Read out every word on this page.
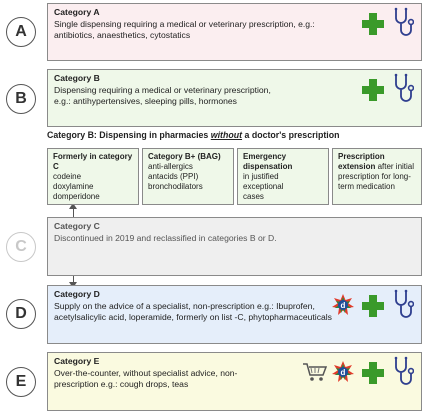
A
Category A
Single dispensing requiring a medical or veterinary prescription, e.g.: antibiotics, anaesthetics, cytostatics
B
Category B
Dispensing requiring a medical or veterinary prescription, e.g.: antihypertensives, sleeping pills, hormones
Category B: Dispensing in pharmacies without a doctor's prescription
Formerly in category C
codeine
doxylamine
domperidone
Category B+ (BAG)
anti-allergics
antacids (PPI)
bronchodilators
Emergency dispensation
in justified
exceptional
cases
Prescription extension after initial prescription for long-term medication
C
Category C
Discontinued in 2019 and reclassified in categories B or D.
D
Category D
Supply on the advice of a specialist, non-prescription e.g.: Ibuprofen, acetylsalicylic acid, loperamide, formerly on list -C, phytopharmaceuticals
E
Category E
Over-the-counter, without specialist advice, non-prescription e.g.: cough drops, teas
d
d
